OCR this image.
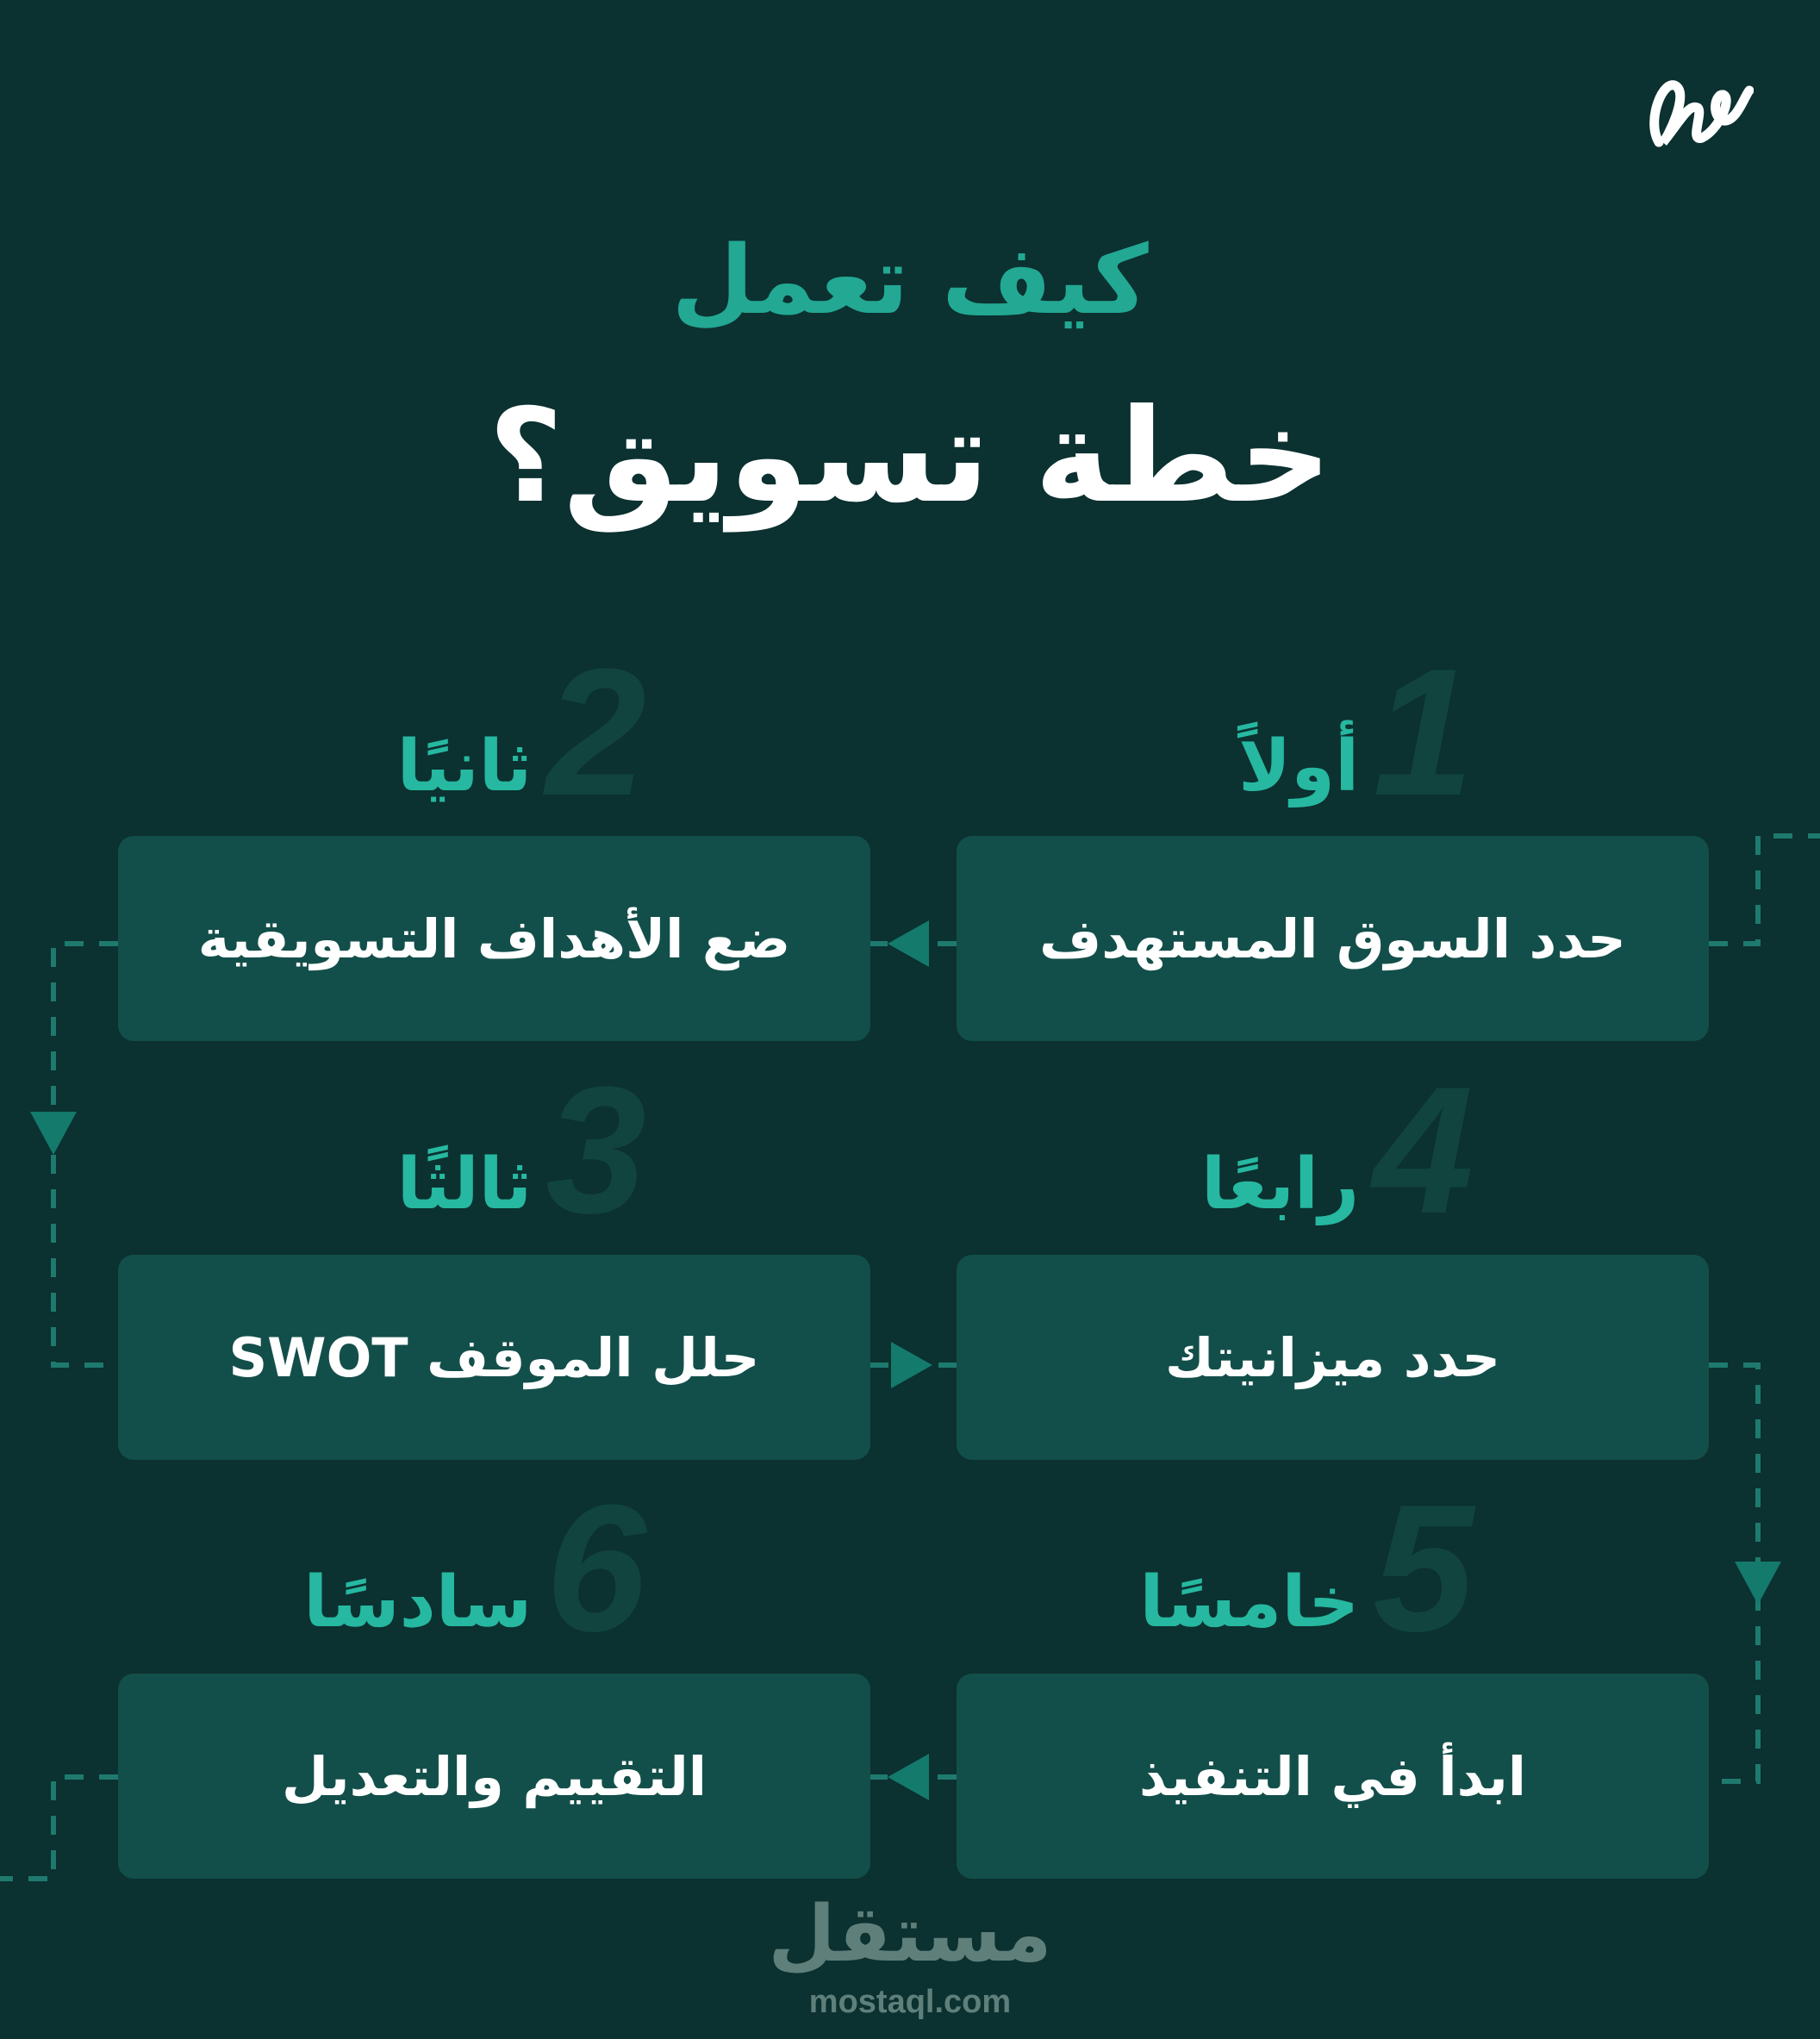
كيف تعمل
خطة تسويق؟
أولاً 1
حدد السوق المستهدف
ثانيًا 2
ضع الأهداف التسويقية
ثالثًا 3
حلل الموقف SWOT
رابعًا 4
حدد ميزانيتك
خامسًا 5
ابدأ في التنفيذ
سادسًا 6
التقييم والتعديل
مستقل
mostaql.com
